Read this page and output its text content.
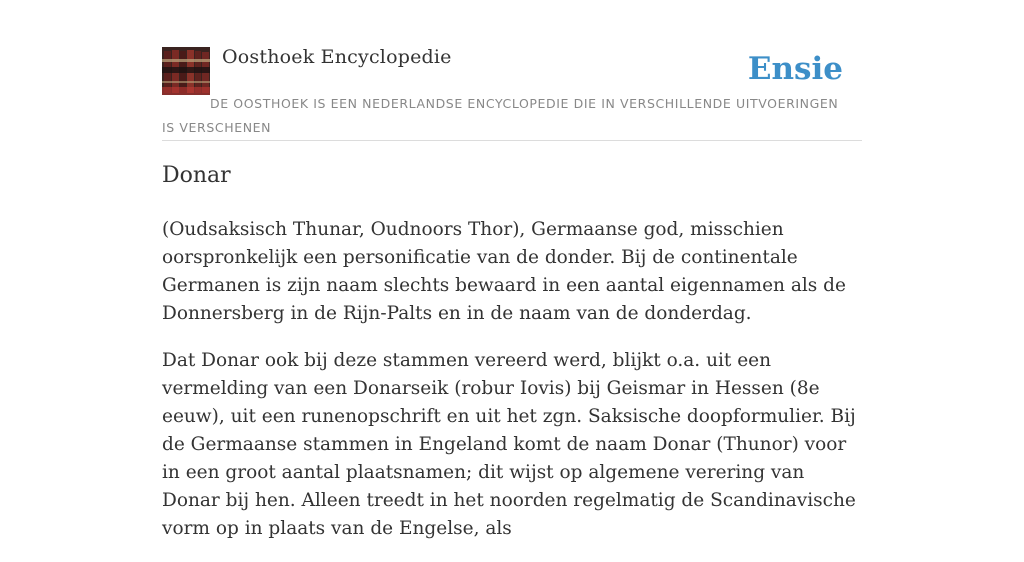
Oosthoek Encyclopedie	Ensie
DE OOSTHOEK IS EEN NEDERLANDSE ENCYCLOPEDIE DIE IN VERSCHILLENDE UITVOERINGEN IS VERSCHENEN
Donar

(Oudsaksisch Thunar, Oudnoors Thor), Germaanse god, misschien oorspronkelijk een personificatie van de donder. Bij de continentale Germanen is zijn naam slechts bewaard in een aantal eigennamen als de Donnersberg in de Rijn-Palts en in de naam van de donderdag.

Dat Donar ook bij deze stammen vereerd werd, blijkt o.a. uit een vermelding van een Donarseik (robur Iovis) bij Geismar in Hessen (8e eeuw), uit een runenopschrift en uit het zgn. Saksische doopformulier. Bij de Germaanse stammen in Engeland komt de naam Donar (Thunor) voor in een groot aantal plaatsnamen; dit wijst op algemene verering van Donar bij hen. Alleen treedt in het noorden regelmatig de Scandinavische vorm op in plaats van de Engelse, als
